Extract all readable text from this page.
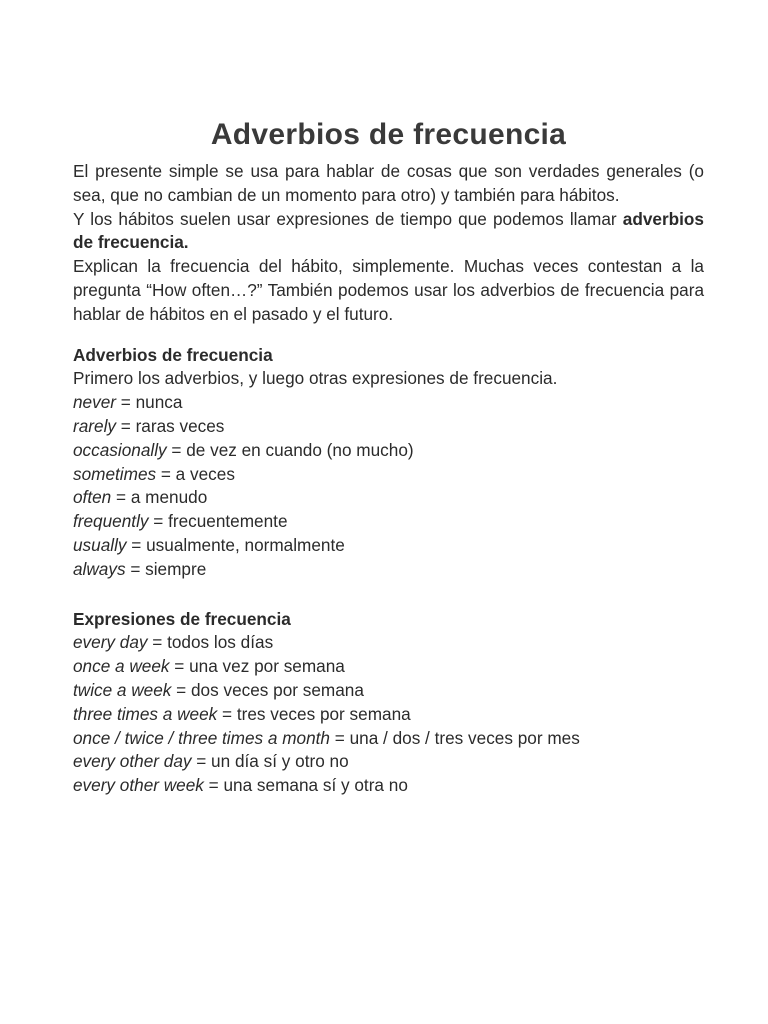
Adverbios de frecuencia

El presente simple se usa para hablar de cosas que son verdades generales (o sea, que no cambian de un momento para otro) y también para hábitos.

Y los hábitos suelen usar expresiones de tiempo que podemos llamar adverbios de frecuencia.

Explican la frecuencia del hábito, simplemente. Muchas veces contestan a la pregunta “How often…?” También podemos usar los adverbios de frecuencia para hablar de hábitos en el pasado y el futuro.

Adverbios de frecuencia

Primero los adverbios, y luego otras expresiones de frecuencia.

never = nunca

rarely = raras veces

occasionally = de vez en cuando (no mucho)

sometimes = a veces

often = a menudo

frequently = frecuentemente

usually = usualmente, normalmente

always = siempre

Expresiones de frecuencia

every day = todos los días

once a week = una vez por semana

twice a week = dos veces por semana

three times a week = tres veces por semana

once / twice / three times a month = una / dos / tres veces por mes

every other day = un día sí y otro no

every other week = una semana sí y otra no
